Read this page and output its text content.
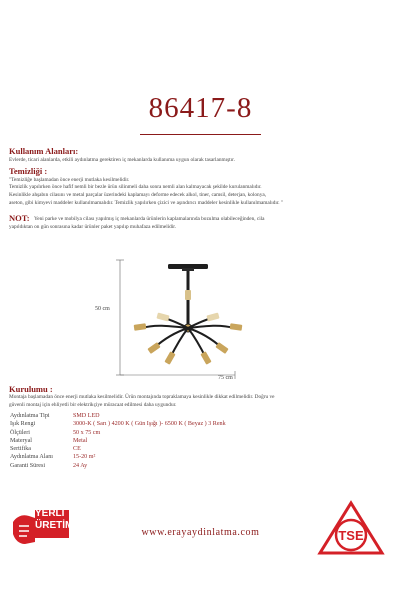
86417-8
Kullanım Alanları:
Evlerde, ticari alanlarda, etkili aydınlatma gerektiren iç mekanlarda kullanıma uygun olarak tasarlanmıştır.
Temizliği :
"Temizliğe başlamadan önce enerji mutlaka kesilmelidir.
Temizlik yapılırken önce hafif nemli bir bezle ürün silinmeli daha sonra nemli alan kalmayacak şekilde kurulanmalıdır.
Kesinlikle ahşabın cilasını ve metal parçalar üzerindeki kaplamayı deforme edecek alkol, tiner, camsil, deterjan, kolonya,
aseton, gibi kimyevi maddeler kullanılmamalıdır. Temizlik yapılırken çizici ve aşındırıcı maddeler kesinlikle kullanılmamalıdır. "
NOT: Yeni parke ve mobilya cilası yapılmış iç mekanlarda ürünlerin kaplamalarında bozulma olabileceğinden, cila
yapıldıktan on gün sonrasına kadar ürünler paket yapılıp muhafaza edilmelidir.
50 cm
75 cm
Kurulumu :
Montaja başlamadan önce enerji mutlaka kesilmelidir. Ürün montajında topraklamaya kesinlikle dikkat edilmelidir. Doğru ve
güvenli montaj için ehliyetli bir elektrikçiye müracaat edilmesi daha uygundur.
Aydınlatma Tipi	SMD LED
Işık Rengi	3000-K ( Sarı ) 4200 K ( Gün Işığı )- 6500 K ( Beyaz ) 3 Renk
Ölçüleri	50 x 75 cm
Materyal	Metal
Sertifika	CE
Aydınlatma Alanı	15-20 m²
Garanti Süresi	24 Ay
YERLİ
ÜRETİM
www.erayaydinlatma.com	TSE
